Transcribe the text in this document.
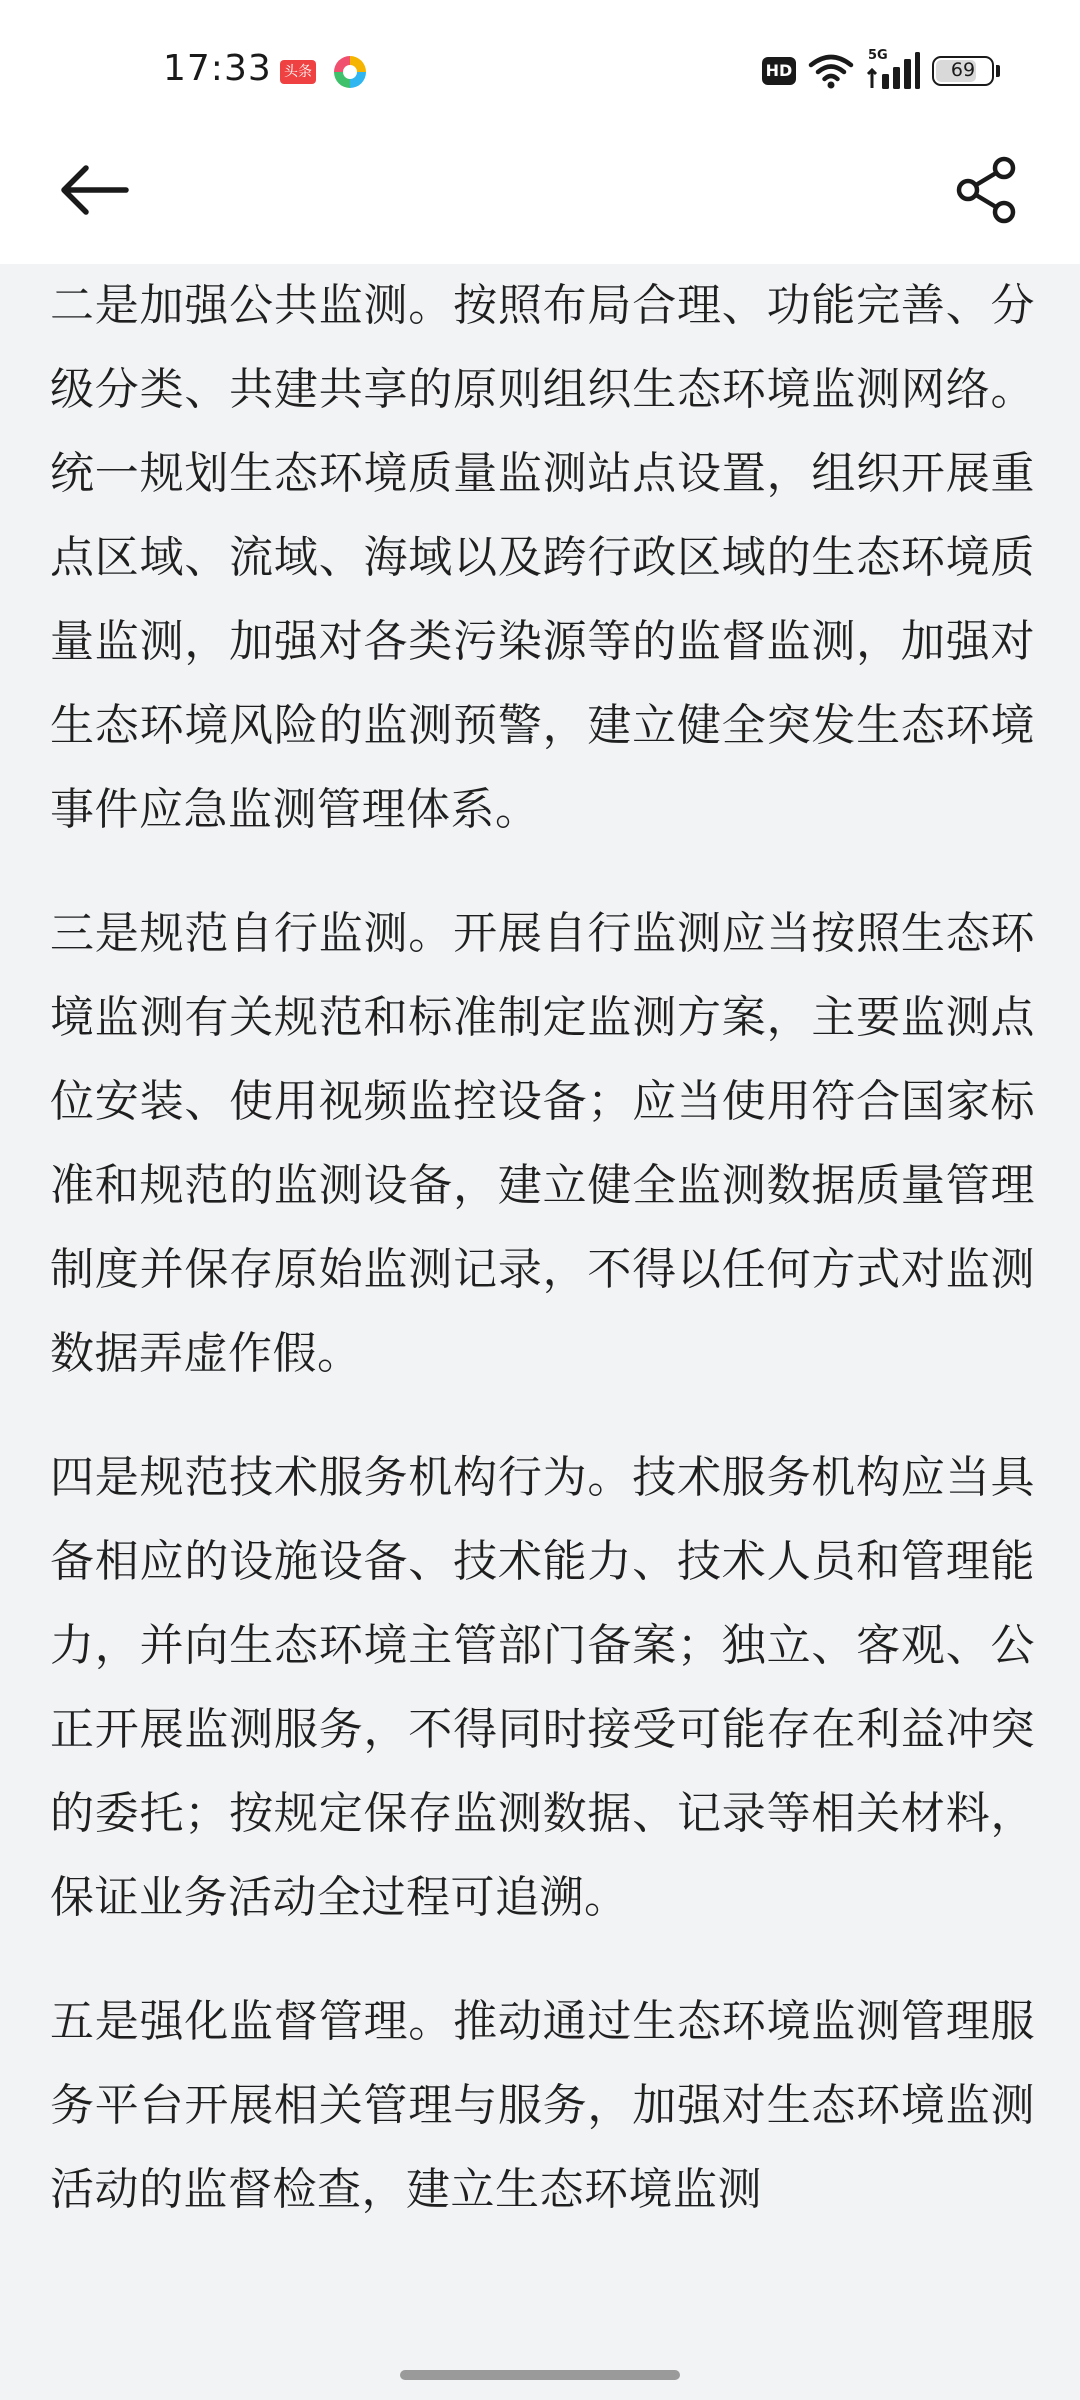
17:33 头条	HD
5G
69

二是加强公共监测。按照布局合理、功能完善、分级分类、共建共享的原则组织生态环境监测网络。统一规划生态环境质量监测站点设置，组织开展重点区域、流域、海域以及跨行政区域的生态环境质量监测，加强对各类污染源等的监督监测，加强对生态环境风险的监测预警，建立健全突发生态环境事件应急监测管理体系。

三是规范自行监测。开展自行监测应当按照生态环境监测有关规范和标准制定监测方案，主要监测点位安装、使用视频监控设备；应当使用符合国家标准和规范的监测设备，建立健全监测数据质量管理制度并保存原始监测记录，不得以任何方式对监测数据弄虚作假。

四是规范技术服务机构行为。技术服务机构应当具备相应的设施设备、技术能力、技术人员和管理能力，并向生态环境主管部门备案；独立、客观、公正开展监测服务，不得同时接受可能存在利益冲突的委托；按规定保存监测数据、记录等相关材料，保证业务活动全过程可追溯。

五是强化监督管理。推动通过生态环境监测管理服务平台开展相关管理与服务，加强对生态环境监测活动的监督检查，建立生态环境监测
